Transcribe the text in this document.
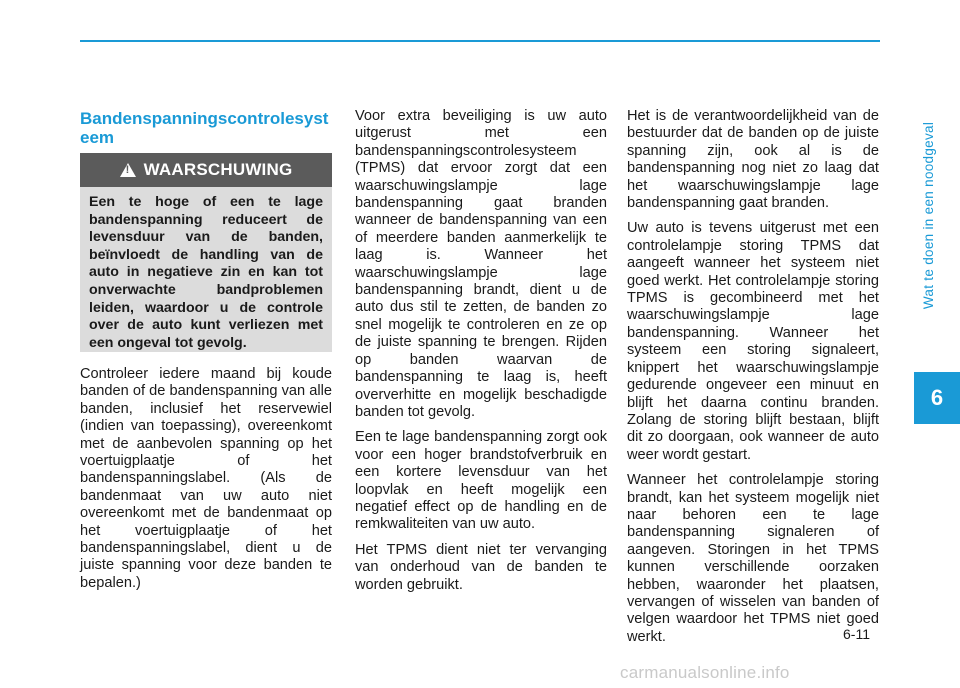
Bandenspanningscontrolesyst eem
!
WAARSCHUWING
Een te hoge of een te lage bandenspanning reduceert de levensduur van de banden, beïnvloedt de handling van de auto in negatieve zin en kan tot onverwachte bandproblemen leiden, waardoor u de controle over de auto kunt verliezen met een ongeval tot gevolg.

Controleer iedere maand bij koude banden of de bandenspanning van alle banden, inclusief het reservewiel (indien van toepassing), overeenkomt met de aanbevolen spanning op het voertuigplaatje of het bandenspanningslabel. (Als de bandenmaat van uw auto niet overeenkomt met de bandenmaat op het voertuigplaatje of het bandenspanningslabel, dient u de juiste spanning voor deze banden te bepalen.)

Voor extra beveiliging is uw auto uitgerust met een bandenspanningscontrolesysteem (TPMS) dat ervoor zorgt dat een waarschuwingslampje lage bandenspanning gaat branden wanneer de bandenspanning van een of meerdere banden aanmerkelijk te laag is. Wanneer het waarschuwingslampje lage bandenspanning brandt, dient u de auto dus stil te zetten, de banden zo snel mogelijk te controleren en ze op de juiste spanning te brengen. Rijden op banden waarvan de bandenspanning te laag is, heeft oververhitte en mogelijk beschadigde banden tot gevolg.

Een te lage bandenspanning zorgt ook voor een hoger brandstofverbruik en een kortere levensduur van het loopvlak en heeft mogelijk een negatief effect op de handling en de remkwaliteiten van uw auto.

Het TPMS dient niet ter vervanging van onderhoud van de banden te worden gebruikt.

Het is de verantwoordelijkheid van de bestuurder dat de banden op de juiste spanning zijn, ook al is de bandenspanning nog niet zo laag dat het waarschuwingslampje lage bandenspanning gaat branden.

Uw auto is tevens uitgerust met een controlelampje storing TPMS dat aangeeft wanneer het systeem niet goed werkt. Het controlelampje storing TPMS is gecombineerd met het waarschuwingslampje lage bandenspanning. Wanneer het systeem een storing signaleert, knippert het waarschuwingslampje gedurende ongeveer een minuut en blijft het daarna continu branden. Zolang de storing blijft bestaan, blijft dit zo doorgaan, ook wanneer de auto weer wordt gestart.

Wanneer het controlelampje storing brandt, kan het systeem mogelijk niet naar behoren een te lage bandenspanning signaleren of aangeven. Storingen in het TPMS kunnen verschillende oorzaken hebben, waaronder het plaatsen, vervangen of wisselen van banden of velgen waardoor het TPMS niet goed werkt.

Wat te doen in een noodgeval
6
6-11
carmanualsonline.info
